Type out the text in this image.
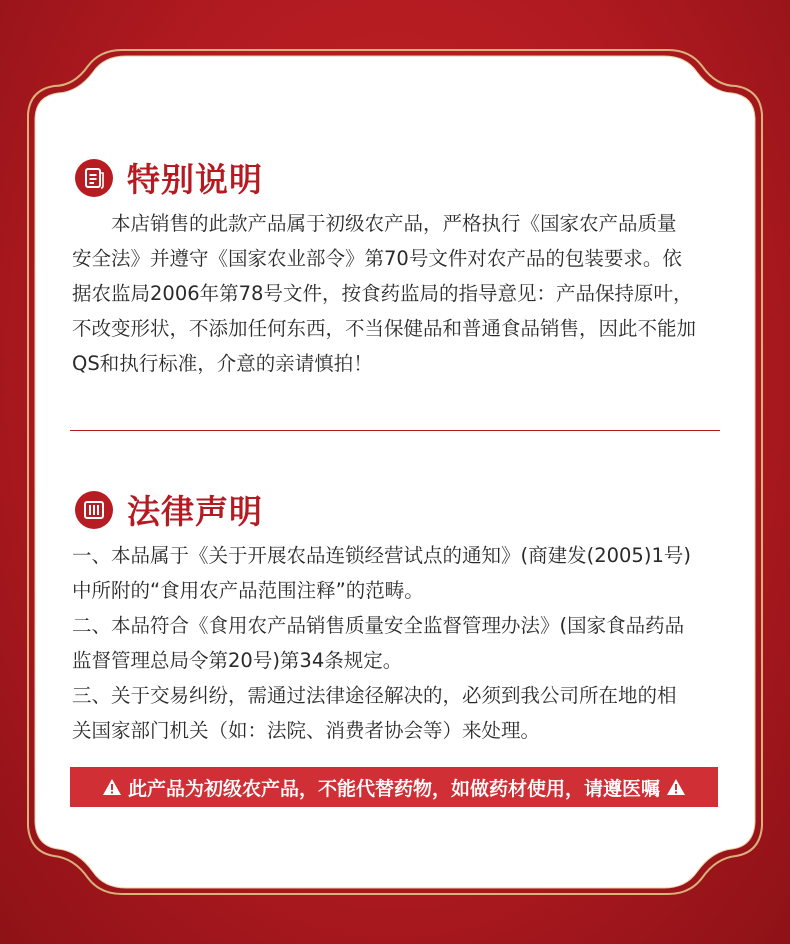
特别说明
本店销售的此款产品属于初级农产品，严格执行《国家农产品质量
安全法》并遵守《国家农业部令》第70号文件对农产品的包装要求。依
据农监局2006年第78号文件，按食药监局的指导意见：产品保持原叶，
不改变形状，不添加任何东西，不当保健品和普通食品销售，因此不能加
QS和执行标准，介意的亲请慎拍！
法律声明
一、本品属于《关于开展农品连锁经营试点的通知》(商建发(2005)1号)
中所附的“食用农产品范围注释”的范畴。
二、本品符合《食用农产品销售质量安全监督管理办法》(国家食品药品
监督管理总局令第20号)第34条规定。
三、关于交易纠纷，需通过法律途径解决的，必须到我公司所在地的相
关国家部门机关（如：法院、消费者协会等）来处理。
此产品为初级农产品，不能代替药物，如做药材使用，请遵医嘱
